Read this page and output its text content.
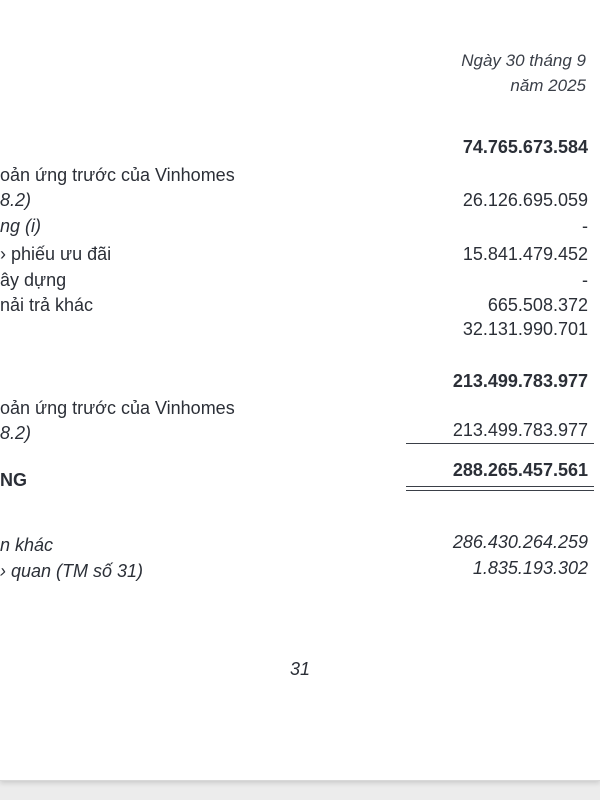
Ngày 30 tháng 9
năm 2025
74.765.673.584
oản ứng trước của Vinhomes
8.2)	26.126.695.059
ng (i)	-
› phiếu ưu đãi	15.841.479.452
ây dựng	-
nải trả khác	665.508.372
32.131.990.701
213.499.783.977
oản ứng trước của Vinhomes
8.2)	213.499.783.977
NG	288.265.457.561
n khác	286.430.264.259
› quan (TM số 31)	1.835.193.302
31
